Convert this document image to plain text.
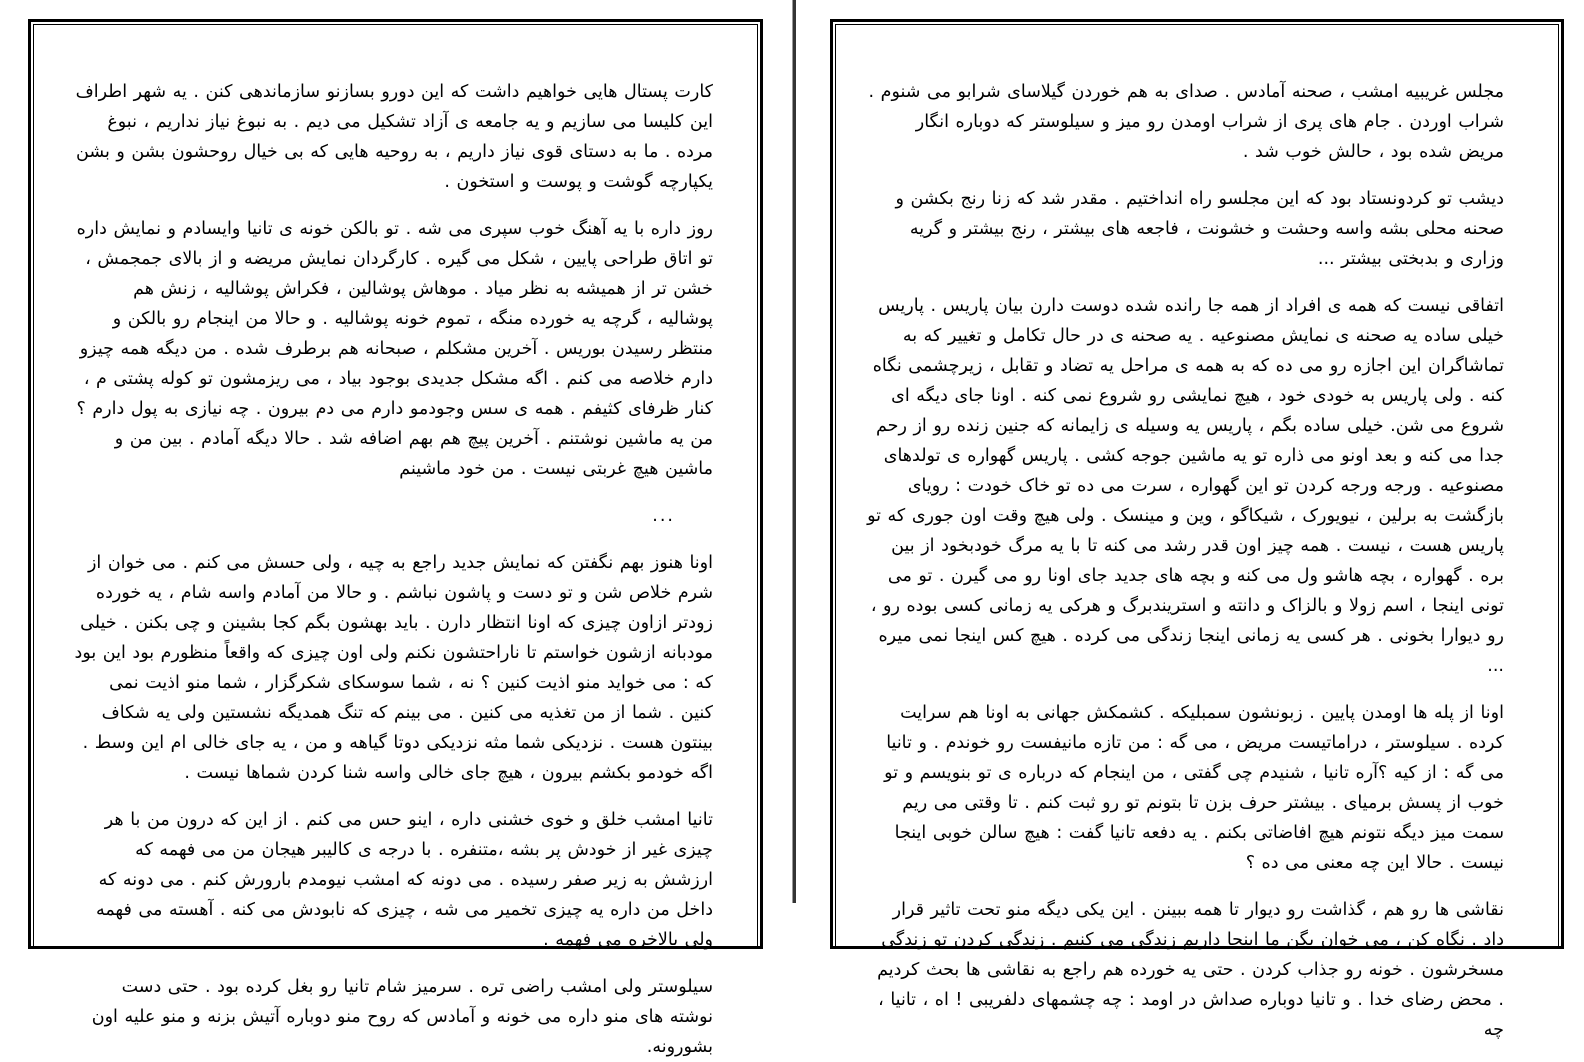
کارت پستال هایی خواهیم داشت که این دورو بسازنو سازماندهی کنن . یه شهر اطراف این کلیسا می سازیم و یه جامعه ی آزاد تشکیل می دیم . به نبوغ نیاز نداریم ، نبوغ مرده . ما به دستای قوی نیاز داریم ، به روحیه هایی که بی خیال روحشون بشن و بشن یکپارچه گوشت و پوست و استخون .

روز داره با یه آهنگ خوب سپری می شه . تو بالکن خونه ی تانیا وایسادم و نمایش داره تو اتاق طراحی پایین ، شکل می گیره . کارگردان نمایش مریضه و از بالای جمجمش ، خشن تر از همیشه به نظر میاد . موهاش پوشالین ، فکراش پوشالیه ، زنش هم پوشالیه ، گرچه یه خورده منگه ، تموم خونه پوشالیه . و حالا من اینجام رو بالکن و منتظر رسیدن بوریس . آخرین مشکلم ، صبحانه هم برطرف شده . من دیگه همه چیزو دارم خلاصه می کنم . اگه مشکل جدیدی بوجود بیاد ، می ریزمشون تو کوله پشتی م ، کنار ظرفای کثیفم . همه ی سس وجودمو دارم می دم بیرون . چه نیازی به پول دارم ؟من یه ماشین نوشتنم . آخرین پیچ هم بهم اضافه شد . حالا دیگه آمادم . بین من و ماشین هیچ غربتی نیست . من خود ماشینم

...

اونا هنوز بهم نگفتن که نمایش جدید راجع به چیه ، ولی حسش می کنم . می خوان از شرم خلاص شن و تو دست و پاشون نباشم . و حالا من آمادم واسه شام ، یه خورده زودتر ازاون چیزی که اونا انتظار دارن . باید بهشون بگم کجا بشینن و چی بکنن . خیلی مودبانه ازشون خواستم تا ناراحتشون نکنم ولی اون چیزی که واقعاً منظورم بود این بود که : می خواید منو اذیت کنین ؟ نه ، شما سوسکای شکرگزار ، شما منو اذیت نمی کنین . شما از من تغذیه می کنین . می بینم که تنگ همدیگه نشستین ولی یه شکاف بینتون هست . نزدیکی شما مثه نزدیکی دوتا گیاهه و من ، یه جای خالی ام این وسط . اگه خودمو بکشم بیرون ، هیچ جای خالی واسه شنا کردن شماها نیست .

تانیا امشب خلق و خوی خشنی داره ، اینو حس می کنم . از این که درون من با هر چیزی غیر از خودش پر بشه ،متنفره . با درجه ی کالیبر هیجان من می فهمه که ارزشش به زیر صفر رسیده . می دونه که امشب نیومدم بارورش کنم . می دونه که داخل من داره یه چیزی تخمیر می شه ، چیزی که نابودش می کنه . آهسته می فهمه ولی بالاخره می فهمه .

سیلوستر ولی امشب راضی تره . سرمیز شام تانیا رو بغل کرده بود . حتی دست نوشته های منو داره می خونه و آمادس که روح منو دوباره آتیش بزنه و منو علیه اون بشورونه.

مجلس غریبیه امشب ، صحنه آمادس . صدای به هم خوردن گیلاسای شرابو می شنوم . شراب اوردن . جام های پری از شراب اومدن رو میز و سیلوستر که دوباره انگار مریض شده بود ، حالش خوب شد .

دیشب تو کردونستاد بود که این مجلسو راه انداختیم . مقدر شد که زنا رنج بکشن و صحنه محلی بشه واسه وحشت و خشونت ، فاجعه های بیشتر ، رنج بیشتر و گریه وزاری و بدبختی بیشتر ...

اتفاقی نیست که همه ی افراد از همه جا رانده شده دوست دارن بیان پاریس . پاریس خیلی ساده یه صحنه ی نمایش مصنوعیه . یه صحنه ی در حال تکامل و تغییر که به تماشاگران این اجازه رو می ده که به همه ی مراحل یه تضاد و تقابل ، زیرچشمی نگاه کنه . ولی پاریس به خودی خود ، هیچ نمایشی رو شروع نمی کنه . اونا جای دیگه ای شروع می شن. خیلی ساده بگم ، پاریس یه وسیله ی زایمانه که جنین زنده رو از رحم جدا می کنه و بعد اونو می ذاره تو یه ماشین جوجه کشی . پاریس گهواره ی تولدهای مصنوعیه . ورجه ورجه کردن تو این گهواره ، سرت می ده تو خاک خودت : رویای بازگشت به برلین ، نیویورک ، شیکاگو ، وین و مینسک . ولی هیچ وقت اون جوری که تو پاریس هست ، نیست . همه چیز اون قدر رشد می کنه تا با یه مرگ خودبخود از بین بره . گهواره ، بچه هاشو ول می کنه و بچه های جدید جای اونا رو می گیرن . تو می تونی اینجا ، اسم زولا و بالزاک و دانته و استریندبرگ و هرکی یه زمانی کسی بوده رو ، رو دیوارا بخونی . هر کسی یه زمانی اینجا زندگی می کرده . هیچ کس اینجا نمی میره ...

اونا از پله ها اومدن پایین . زبونشون سمبلیکه . کشمکش جهانی به اونا هم سرایت کرده . سیلوستر ، دراماتیست مریض ، می گه : من تازه مانیفست رو خوندم . و تانیا می گه : از کیه ؟آره تانیا ، شنیدم چی گفتی ، من اینجام که درباره ی تو بنویسم و تو خوب از پسش برمیای . بیشتر حرف بزن تا بتونم تو رو ثبت کنم . تا وقتی می ریم سمت میز دیگه نتونم هیچ افاضاتی بکنم . یه دفعه تانیا گفت : هیچ سالن خوبی اینجا نیست . حالا این چه معنی می ده ؟

نقاشی ها رو هم ، گذاشت رو دیوار تا همه ببینن . این یکی دیگه منو تحت تاثیر قرار داد . نگاه کن ، می خوان بگن ما اینجا داریم زندگی می کنیم . زندگی کردن تو زندگی مسخرشون . خونه رو جذاب کردن . حتی یه خورده هم راجع به نقاشی ها بحث کردیم . محض رضای خدا . و تانیا دوباره صداش در اومد : چه چشمهای دلفریبی ! اه ، تانیا ، چه
